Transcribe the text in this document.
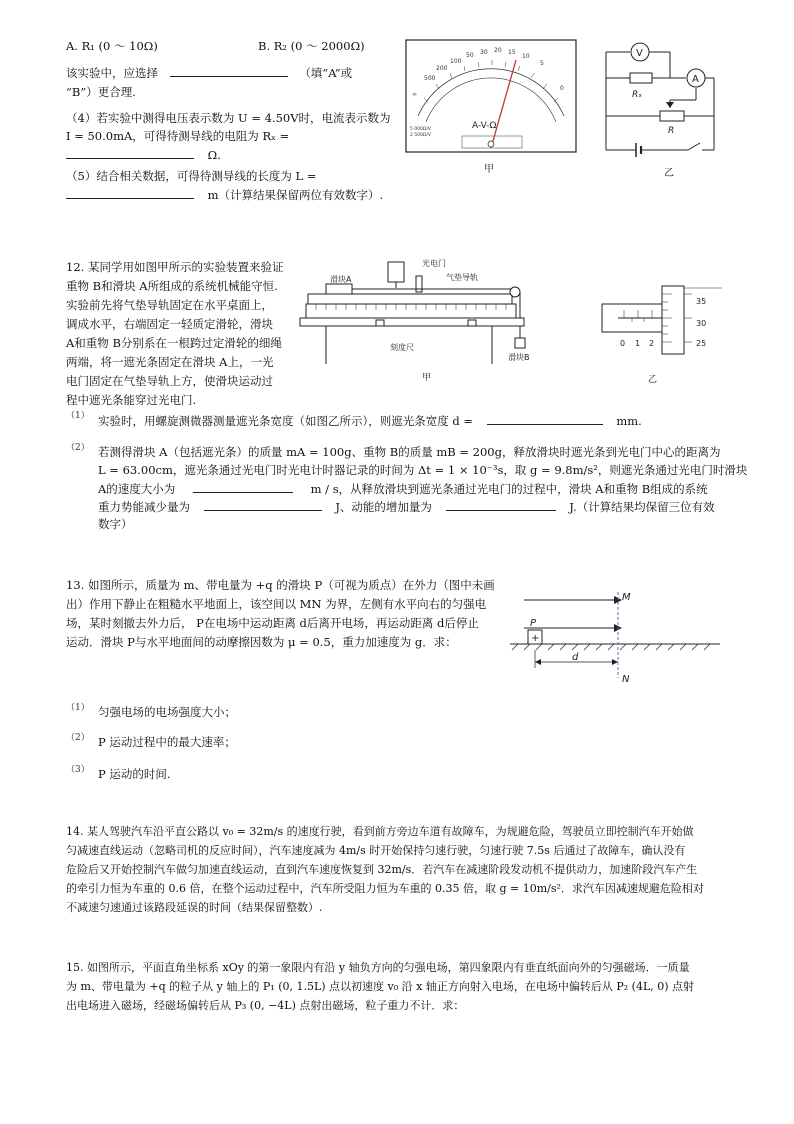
A. R₁ (0 ～ 10Ω)	B. R₂ (0 ～ 2000Ω)
该实验中，应选择	（填“A”或
“B”）更合理.
（4）若实验中测得电压表示数为 U = 4.50V时，电流表示数为
I = 50.0mA，可得待测导线的电阻为 Rₓ =
Ω.
（5）结合相关数据，可得待测导线的长度为 L =
m（计算结果保留两位有效数字）.
∞
500
200
100
50 30 20 15
10
5
0
A-V-Ω
5 000Ω/V
2 500Ω/V
甲
V
A
Rₓ
R
乙
12. 某同学用如图甲所示的实验装置来验证
重物 B和滑块 A所组成的系统机械能守恒.
实验前先将气垫导轨固定在水平桌面上，
调成水平，右端固定一轻质定滑轮，滑块
A和重物 B分别系在一根跨过定滑轮的细绳
两端，将一遮光条固定在滑块 A上，一光
电门固定在气垫导轨上方，使滑块运动过
程中遮光条能穿过光电门.
光电门
滑块A	气垫导轨
刻度尺
滑块B
甲
35
30
25
0 1 2
乙
（1） 实验时，用螺旋测微器测量遮光条宽度（如图乙所示），则遮光条宽度 d =	mm.
（2） 若测得滑块 A（包括遮光条）的质量 mA = 100g、重物 B的质量 mB = 200g，释放滑块时遮光条到光电门中心的距离为
L = 63.00cm，遮光条通过光电门时光电计时器记录的时间为 Δt = 1 × 10⁻³s，取 g = 9.8m/s²，则遮光条通过光电门时滑块
A的速度大小为	m / s，从释放滑块到遮光条通过光电门的过程中，滑块 A和重物 B组成的系统
重力势能减少量为	J、动能的增加量为	J.（计算结果均保留三位有效
数字）
13. 如图所示，质量为 m、带电量为 +q 的滑块 P（可视为质点）在外力（图中未画
出）作用下静止在粗糙水平地面上，该空间以 MN 为界，左侧有水平向右的匀强电
场，某时刻撤去外力后， P在电场中运动距离 d后离开电场，再运动距离 d后停止
运动．滑块 P与水平地面间的动摩擦因数为 μ = 0.5，重力加速度为 g．求：	+
P
d
M
N
（1） 匀强电场的电场强度大小；
（2） P 运动过程中的最大速率；
（3） P 运动的时间.
14. 某人驾驶汽车沿平直公路以 v₀ = 32m/s 的速度行驶，看到前方旁边车道有故障车，为规避危险，驾驶员立即控制汽车开始做
匀减速直线运动（忽略司机的反应时间），汽车速度减为 4m/s 时开始保持匀速行驶，匀速行驶 7.5s 后通过了故障车，确认没有
危险后又开始控制汽车做匀加速直线运动，直到汽车速度恢复到 32m/s．若汽车在减速阶段发动机不提供动力，加速阶段汽车产生
的牵引力恒为车重的 0.6 倍，在整个运动过程中，汽车所受阻力恒为车重的 0.35 倍，取 g = 10m/s²．求汽车因减速规避危险相对
不减速匀速通过该路段延误的时间（结果保留整数）.
15. 如图所示，平面直角坐标系 xOy 的第一象限内有沿 y 轴负方向的匀强电场，第四象限内有垂直纸面向外的匀强磁场．一质量
为 m、带电量为 +q 的粒子从 y 轴上的 P₁ (0, 1.5L) 点以初速度 v₀ 沿 x 轴正方向射入电场，在电场中偏转后从 P₂ (4L, 0) 点射
出电场进入磁场，经磁场偏转后从 P₃ (0, −4L) 点射出磁场，粒子重力不计．求：
